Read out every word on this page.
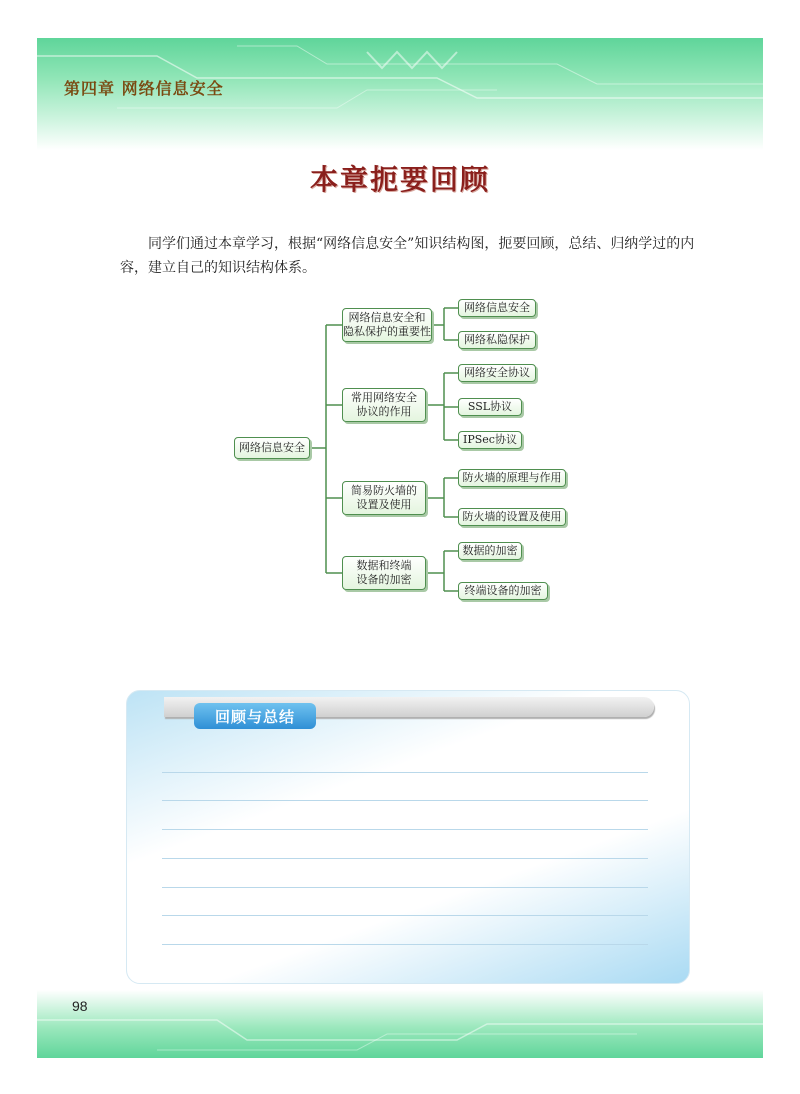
第四章 网络信息安全
本章扼要回顾

同学们通过本章学习，根据“网络信息安全”知识结构图，扼要回顾，总结、归纳学过的内容，建立自己的知识结构体系。

网络信息安全
网络信息安全和
隐私保护的重要性
常用网络安全
协议的作用
简易防火墙的
设置及使用
数据和终端
设备的加密
网络信息安全
网络私隐保护
网络安全协议
SSL协议
IPSec协议
防火墙的原理与作用
防火墙的设置及使用
数据的加密
终端设备的加密
回顾与总结
98
